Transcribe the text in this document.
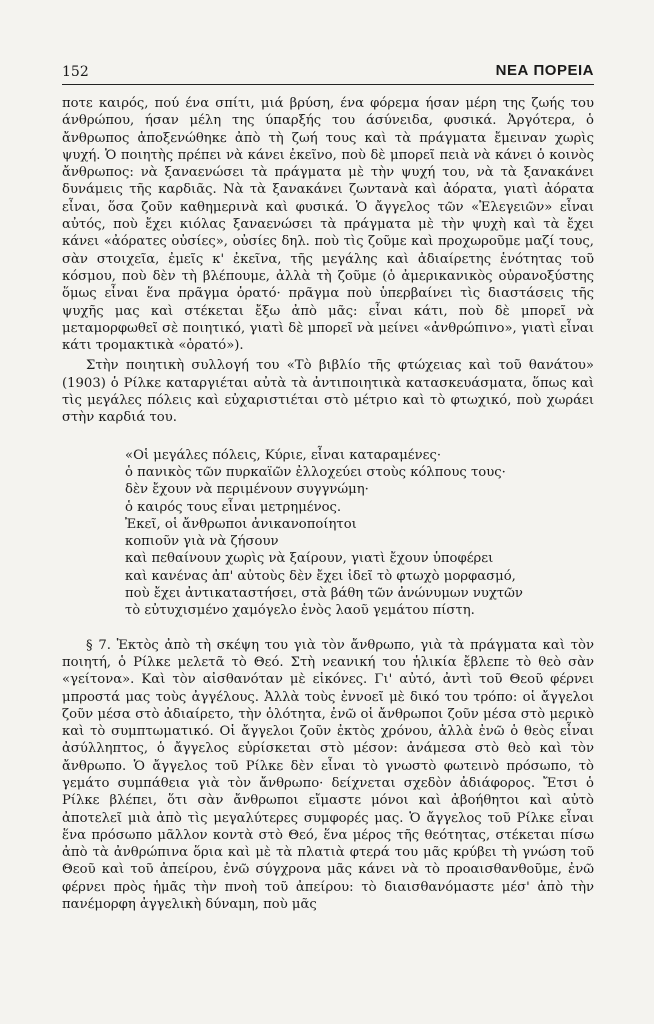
152	ΝΕΑ ΠΟΡΕΙΑ

ποτε καιρός, πού ένα σπίτι, μιά βρύση, ένα φόρεμα ήσαν μέρη της ζωής του άνθρώπου, ήσαν μέλη της ύπαρξής του άσύνειδα, φυσικά. Ἀργότερα, ὁ ἄνθρωπος ἀποξενώθηκε ἀπὸ τὴ ζωή τους καὶ τὰ πράγματα ἔμειναν χωρὶς ψυχή. Ὁ ποιητὴς πρέπει νὰ κάνει ἐκεῖνο, ποὺ δὲ μπορεῖ πειὰ νὰ κάνει ὁ κοινὸς ἄνθρωπος: νὰ ξαναενώσει τὰ πράγματα μὲ τὴν ψυχή του, νὰ τὰ ξανακάνει δυνάμεις τῆς καρδιᾶς. Νὰ τὰ ξανακάνει ζωντανὰ καὶ ἀόρατα, γιατὶ ἀόρατα εἶναι, ὅσα ζοῦν καθημερινὰ καὶ φυσικά. Ὁ ἄγγελος τῶν «Ἐλεγειῶν» εἶναι αὐτός, ποὺ ἔχει κιόλας ξαναενώσει τὰ πράγματα μὲ τὴν ψυχὴ καὶ τὰ ἔχει κάνει «ἀόρατες οὐσίες», οὐσίες δηλ. ποὺ τὶς ζοῦμε καὶ προχωροῦμε μαζί τους, σὰν στοιχεῖα, ἐμεῖς κ' ἐκεῖνα, τῆς μεγάλης καὶ ἀδιαίρετης ἑνότητας τοῦ κόσμου, ποὺ δὲν τὴ βλέπουμε, ἀλλὰ τὴ ζοῦμε (ὁ ἀμερικανικὸς οὐρανοξύστης ὅμως εἶναι ἕνα πρᾶγμα ὁρατό· πρᾶγμα ποὺ ὑπερβαίνει τὶς διαστάσεις τῆς ψυχῆς μας καὶ στέκεται ἔξω ἀπὸ μᾶς: εἶναι κάτι, ποὺ δὲ μπορεῖ νὰ μεταμορφωθεῖ σὲ ποιητικό, γιατὶ δὲ μπορεῖ νὰ μείνει «ἀνθρώπινο», γιατὶ εἶναι κάτι τρομακτικὰ «ὁρατό»).

Στὴν ποιητικὴ συλλογή του «Τὸ βιβλίο τῆς φτώχειας καὶ τοῦ θανάτου» (1903) ὁ Ρίλκε καταργιέται αὐτὰ τὰ ἀντιποιητικὰ κατασκευάσματα, ὅπως καὶ τὶς μεγάλες πόλεις καὶ εὐχαριστιέται στὸ μέτριο καὶ τὸ φτωχικό, ποὺ χωράει στὴν καρδιά του.

«Οἱ μεγάλες πόλεις, Κύριε, εἶναι καταραμένες·
ὁ πανικὸς τῶν πυρκαϊῶν ἐλλοχεύει στοὺς κόλπους τους·
δὲν ἔχουν νὰ περιμένουν συγγνώμη·
ὁ καιρός τους εἶναι μετρημένος.
Ἐκεῖ, οἱ ἄνθρωποι ἀνικανοποίητοι
κοπιοῦν γιὰ νὰ ζήσουν
καὶ πεθαίνουν χωρὶς νὰ ξαίρουν, γιατὶ ἔχουν ὑποφέρει
καὶ κανένας ἀπ' αὐτοὺς δὲν ἔχει ἰδεῖ τὸ φτωχὸ μορφασμό,
ποὺ ἔχει ἀντικαταστήσει, στὰ βάθη τῶν ἀνώνυμων νυχτῶν
τὸ εὐτυχισμένο χαμόγελο ἑνὸς λαοῦ γεμάτου πίστη.

§ 7. Ἐκτὸς ἀπὸ τὴ σκέψη του γιὰ τὸν ἄνθρωπο, γιὰ τὰ πράγματα καὶ τὸν ποιητή, ὁ Ρίλκε μελετᾶ τὸ Θεό. Στὴ νεανική του ἡλικία ἔβλεπε τὸ θεὸ σὰν «γείτονα». Καὶ τὸν αἰσθανόταν μὲ εἰκόνες. Γι' αὐτό, ἀντὶ τοῦ Θεοῦ φέρνει μπροστά μας τοὺς ἀγγέλους. Ἀλλὰ τοὺς ἐννοεῖ μὲ δικό του τρόπο: οἱ ἄγγελοι ζοῦν μέσα στὸ ἀδιαίρετο, τὴν ὁλότητα, ἐνῶ οἱ ἄνθρωποι ζοῦν μέσα στὸ μερικὸ καὶ τὸ συμπτωματικό. Οἱ ἄγγελοι ζοῦν ἐκτὸς χρόνου, ἀλλὰ ἐνῶ ὁ θεὸς εἶναι ἀσύλληπτος, ὁ ἄγγελος εὑρίσκεται στὸ μέσον: ἀνάμεσα στὸ θεὸ καὶ τὸν ἄνθρωπο. Ὁ ἄγγελος τοῦ Ρίλκε δὲν εἶναι τὸ γνωστὸ φωτεινὸ πρόσωπο, τὸ γεμάτο συμπάθεια γιὰ τὸν ἄνθρωπο· δείχνεται σχεδὸν ἀδιάφορος. Ἔτσι ὁ Ρίλκε βλέπει, ὅτι σὰν ἄνθρωποι εἴμαστε μόνοι καὶ ἀβοήθητοι καὶ αὐτὸ ἀποτελεῖ μιὰ ἀπὸ τὶς μεγαλύτερες συμφορές μας. Ὁ ἄγγελος τοῦ Ρίλκε εἶναι ἕνα πρόσωπο μᾶλλον κοντὰ στὸ Θεό, ἕνα μέρος τῆς θεότητας, στέκεται πίσω ἀπὸ τὰ ἀνθρώπινα ὅρια καὶ μὲ τὰ πλατιὰ φτερά του μᾶς κρύβει τὴ γνώση τοῦ Θεοῦ καὶ τοῦ ἀπείρου, ἐνῶ σύγχρονα μᾶς κάνει νὰ τὸ προαισθανθοῦμε, ἐνῶ φέρνει πρὸς ἡμᾶς τὴν πνοὴ τοῦ ἀπείρου: τὸ διαισθανόμαστε μέσ' ἀπὸ τὴν πανέμορφη ἀγγελικὴ δύναμη, ποὺ μᾶς
